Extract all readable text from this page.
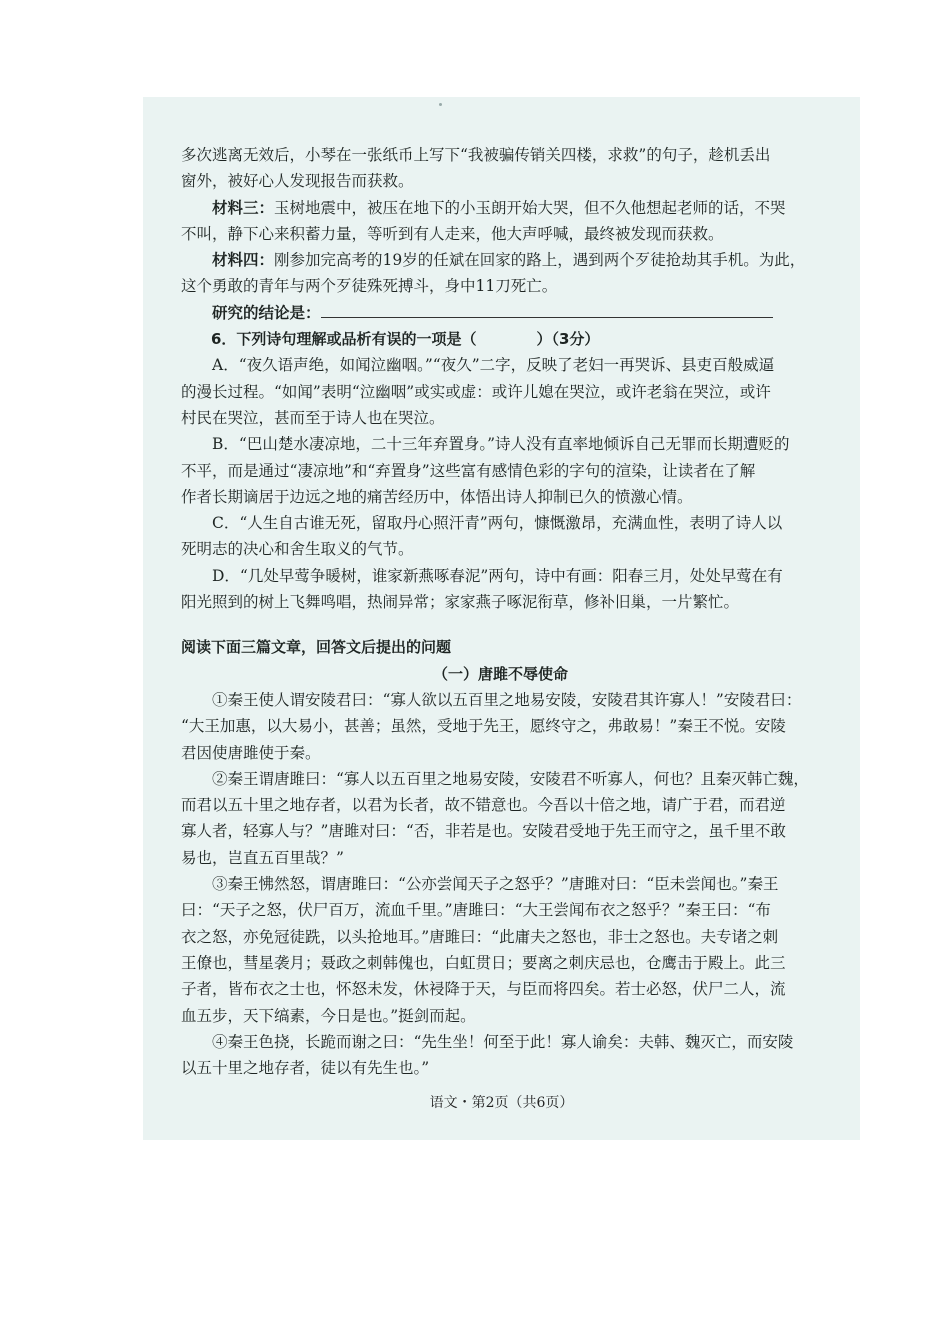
多次逃离无效后，小琴在一张纸币上写下“我被骗传销关四楼，求救”的句子，趁机丢出

窗外，被好心人发现报告而获救。

材料三：玉树地震中，被压在地下的小玉朗开始大哭，但不久他想起老师的话，不哭

不叫，静下心来积蓄力量，等听到有人走来，他大声呼喊，最终被发现而获救。

材料四：刚参加完高考的19岁的任斌在回家的路上，遇到两个歹徒抢劫其手机。为此，

这个勇敢的青年与两个歹徒殊死搏斗，身中11刀死亡。

研究的结论是：

6．下列诗句理解或品析有误的一项是（	）（3分）

A．“夜久语声绝，如闻泣幽咽。”“夜久”二字，反映了老妇一再哭诉、县吏百般威逼

的漫长过程。“如闻”表明“泣幽咽”或实或虚：或许儿媳在哭泣，或许老翁在哭泣，或许

村民在哭泣，甚而至于诗人也在哭泣。

B．“巴山楚水凄凉地，二十三年弃置身。”诗人没有直率地倾诉自己无罪而长期遭贬的

不平，而是通过“凄凉地”和“弃置身”这些富有感情色彩的字句的渲染，让读者在了解

作者长期谪居于边远之地的痛苦经历中，体悟出诗人抑制已久的愤激心情。

C．“人生自古谁无死，留取丹心照汗青”两句，慷慨激昂，充满血性，表明了诗人以

死明志的决心和舍生取义的气节。

D．“几处早莺争暖树，谁家新燕啄春泥”两句，诗中有画：阳春三月，处处早莺在有

阳光照到的树上飞舞鸣唱，热闹异常；家家燕子啄泥衔草，修补旧巢，一片繁忙。

阅读下面三篇文章，回答文后提出的问题

（一）唐雎不辱使命

①秦王使人谓安陵君曰：“寡人欲以五百里之地易安陵，安陵君其许寡人！”安陵君曰：

“大王加惠，以大易小，甚善；虽然，受地于先王，愿终守之，弗敢易！”秦王不悦。安陵

君因使唐雎使于秦。

②秦王谓唐雎曰：“寡人以五百里之地易安陵，安陵君不听寡人，何也？且秦灭韩亡魏，

而君以五十里之地存者，以君为长者，故不错意也。今吾以十倍之地，请广于君，而君逆

寡人者，轻寡人与？”唐雎对曰：“否，非若是也。安陵君受地于先王而守之，虽千里不敢

易也，岂直五百里哉？”

③秦王怫然怒，谓唐雎曰：“公亦尝闻天子之怒乎？”唐雎对曰：“臣未尝闻也。”秦王

曰：“天子之怒，伏尸百万，流血千里。”唐雎曰：“大王尝闻布衣之怒乎？”秦王曰：“布

衣之怒，亦免冠徒跣，以头抢地耳。”唐雎曰：“此庸夫之怒也，非士之怒也。夫专诸之刺

王僚也，彗星袭月；聂政之刺韩傀也，白虹贯日；要离之刺庆忌也，仓鹰击于殿上。此三

子者，皆布衣之士也，怀怒未发，休祲降于天，与臣而将四矣。若士必怒，伏尸二人，流

血五步，天下缟素，今日是也。”挺剑而起。

④秦王色挠，长跪而谢之曰：“先生坐！何至于此！寡人谕矣：夫韩、魏灭亡，而安陵

以五十里之地存者，徒以有先生也。”

语文・第2页（共6页）
